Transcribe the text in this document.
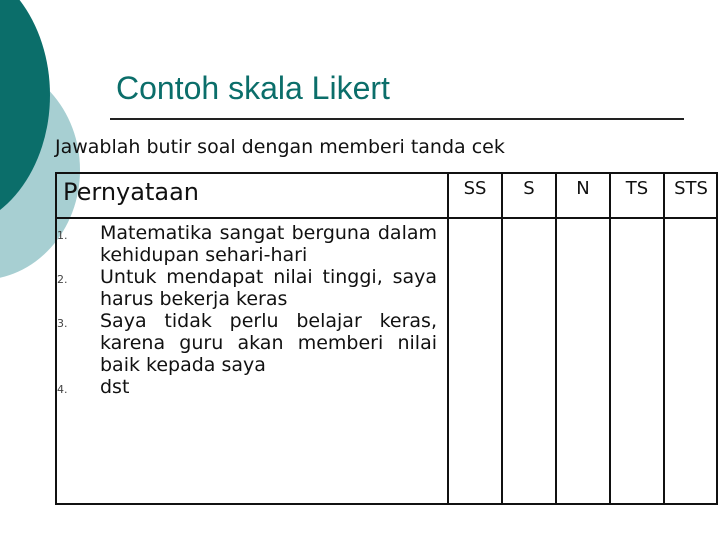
Contoh skala Likert
Jawablah butir soal dengan memberi tanda cek
Pernyataan	SS	S	N	TS	STS
1. Matematika sangat berguna dalam kehidupan sehari-hari
2. Untuk mendapat nilai tinggi, saya harus bekerja keras
3. Saya tidak perlu belajar keras, karena guru akan memberi nilai baik kepada saya
4. dst
